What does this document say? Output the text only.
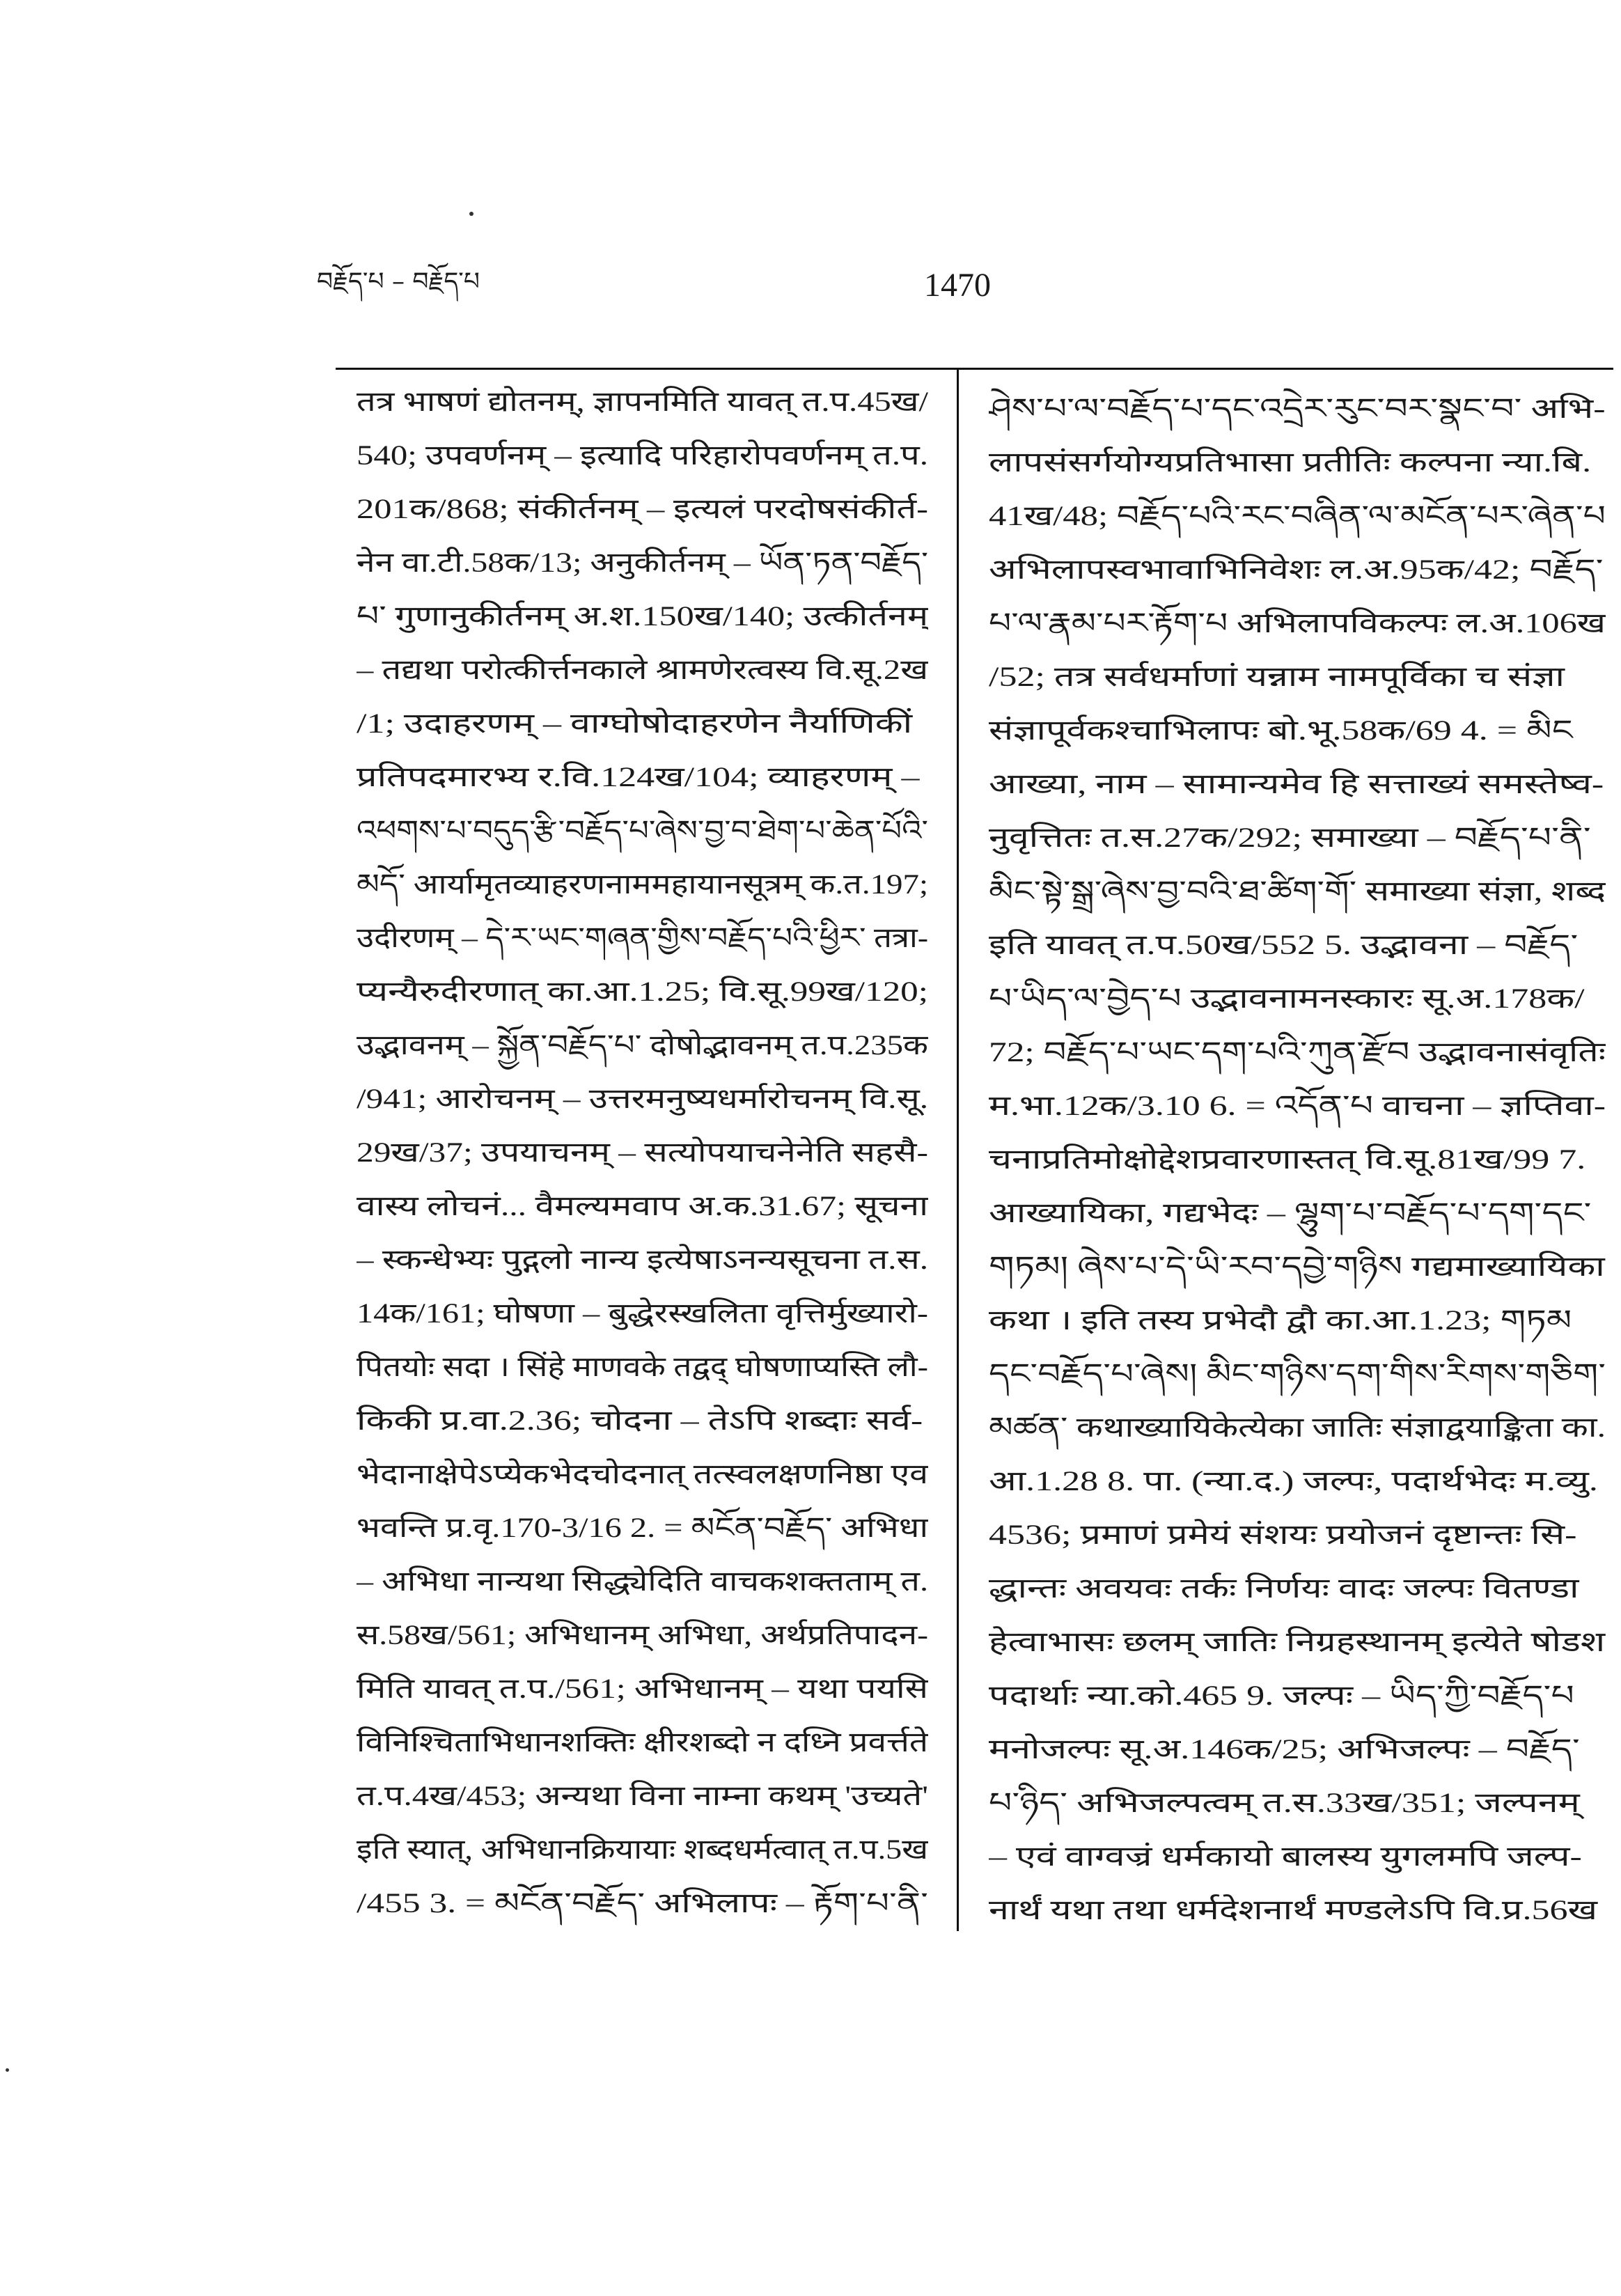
བརྗོད་པ – བརྗོད་པ	1470
तत्र भाषणं द्योतनम्, ज्ञापनमिति यावत् त.प.45ख/
540; उपवर्णनम् – इत्यादि परिहारोपवर्णनम् त.प.
201क/868; संकीर्तनम् – इत्यलं परदोषसंकीर्त-
नेन वा.टी.58क/13; अनुकीर्तनम् – ཡོན་ཏན་བརྗོད་
པ་ गुणानुकीर्तनम् अ.श.150ख/140; उत्कीर्तनम्
– तद्यथा परोत्कीर्त्तनकाले श्रामणेरत्वस्य वि.सू.2ख
/1; उदाहरणम् – वाग्घोषोदाहरणेन नैर्याणिकीं
प्रतिपदमारभ्य र.वि.124ख/104; व्याहरणम् –
འཕགས་པ་བདུད་རྩི་བརྗོད་པ་ཞེས་བྱ་བ་ཐེག་པ་ཆེན་པོའི་
མདོ་ आर्यामृतव्याहरणनाममहायानसूत्रम् क.त.197;
उदीरणम् – དེ་ར་ཡང་གཞན་གྱིས་བརྗོད་པའི་ཕྱིར་ तत्रा-
प्यन्यैरुदीरणात् का.आ.1.25; वि.सू.99ख/120;
उद्भावनम् – སྐྱོན་བརྗོད་པ་ दोषोद्भावनम् त.प.235क
/941; आरोचनम् – उत्तरमनुष्यधर्मारोचनम् वि.सू.
29ख/37; उपयाचनम् – सत्योपयाचनेनेति सहसै-
वास्य लोचनं... वैमल्यमवाप अ.क.31.67; सूचना
– स्कन्धेभ्यः पुद्गलो नान्य इत्येषाऽनन्यसूचना त.स.
14क/161; घोषणा – बुद्धेरस्खलिता वृत्तिर्मुख्यारो-
पितयोः सदा । सिंहे माणवके तद्वद् घोषणाप्यस्ति लौ-
किकी प्र.वा.2.36; चोदना – तेऽपि शब्दाः सर्व-
भेदानाक्षेपेऽप्येकभेदचोदनात् तत्स्वलक्षणनिष्ठा एव
भवन्ति प्र.वृ.170-3/16 2. = མངོན་བརྗོད་ अभिधा
– अभिधा नान्यथा सिद्ध्येदिति वाचकशक्तताम् त.
स.58ख/561; अभिधानम् अभिधा, अर्थप्रतिपादन-
मिति यावत् त.प./561; अभिधानम् – यथा पयसि
विनिश्चिताभिधानशक्तिः क्षीरशब्दो न दध्नि प्रवर्त्तते
त.प.4ख/453; अन्यथा विना नाम्ना कथम् 'उच्यते'
इति स्यात्, अभिधानक्रियायाः शब्दधर्मत्वात् त.प.5ख
/455 3. = མངོན་བརྗོད་ अभिलापः – རྟོག་པ་ནི་
ཤེས་པ་ལ་བརྗོད་པ་དང་འདྲེར་རུང་བར་སྣང་བ་ अभि-
लापसंसर्गयोग्यप्रतिभासा प्रतीतिः कल्पना न्या.बि.
41ख/48; བརྗོད་པའི་རང་བཞིན་ལ་མངོན་པར་ཞེན་པ
अभिलापस्वभावाभिनिवेशः ल.अ.95क/42; བརྗོད་
པ་ལ་རྣམ་པར་རྟོག་པ अभिलापविकल्पः ल.अ.106ख
/52; तत्र सर्वधर्माणां यन्नाम नामपूर्विका च संज्ञा
संज्ञापूर्वकश्चाभिलापः बो.भू.58क/69 4. = མིང
आख्या, नाम – सामान्यमेव हि सत्ताख्यं समस्तेष्व-
नुवृत्तितः त.स.27क/292; समाख्या – བརྗོད་པ་ནི་
མིང་སྟེ་སྒྲ་ཞེས་བྱ་བའི་ཐ་ཚིག་གོ་ समाख्या संज्ञा, शब्द
इति यावत् त.प.50ख/552 5. उद्भावना – བརྗོད་
པ་ཡིད་ལ་བྱེད་པ उद्भावनामनस्कारः सू.अ.178क/
72; བརྗོད་པ་ཡང་དག་པའི་ཀུན་རྫོབ उद्भावनासंवृतिः
म.भा.12क/3.10 6. = འདོན་པ वाचना – ज्ञप्तिवा-
चनाप्रतिमोक्षोद्देशप्रवारणास्तत् वि.सू.81ख/99 7.
आख्यायिका, गद्यभेदः – ལྷུག་པ་བརྗོད་པ་དག་དང་
གཏམ། ཞེས་པ་དེ་ཡི་རབ་དབྱེ་གཉིས गद्यमाख्यायिका
कथा । इति तस्य प्रभेदौ द्वौ का.आ.1.23; གཏམ
དང་བརྗོད་པ་ཞེས། མིང་གཉིས་དག་གིས་རིགས་གཅིག་
མཚན་ कथाख्यायिकेत्येका जातिः संज्ञाद्वयाङ्किता का.
आ.1.28 8. पा. (न्या.द.) जल्पः, पदार्थभेदः म.व्यु.
4536; प्रमाणं प्रमेयं संशयः प्रयोजनं दृष्टान्तः सि-
द्धान्तः अवयवः तर्कः निर्णयः वादः जल्पः वितण्डा
हेत्वाभासः छलम् जातिः निग्रहस्थानम् इत्येते षोडश
पदार्थाः न्या.को.465 9. जल्पः – ཡིད་ཀྱི་བརྗོད་པ
मनोजल्पः सू.अ.146क/25; अभिजल्पः – བརྗོད་
པ་ཉིད་ अभिजल्पत्वम् त.स.33ख/351; जल्पनम्
– एवं वाग्वज्रं धर्मकायो बालस्य युगलमपि जल्प-
नार्थं यथा तथा धर्मदेशनार्थं मण्डलेऽपि वि.प्र.56ख
